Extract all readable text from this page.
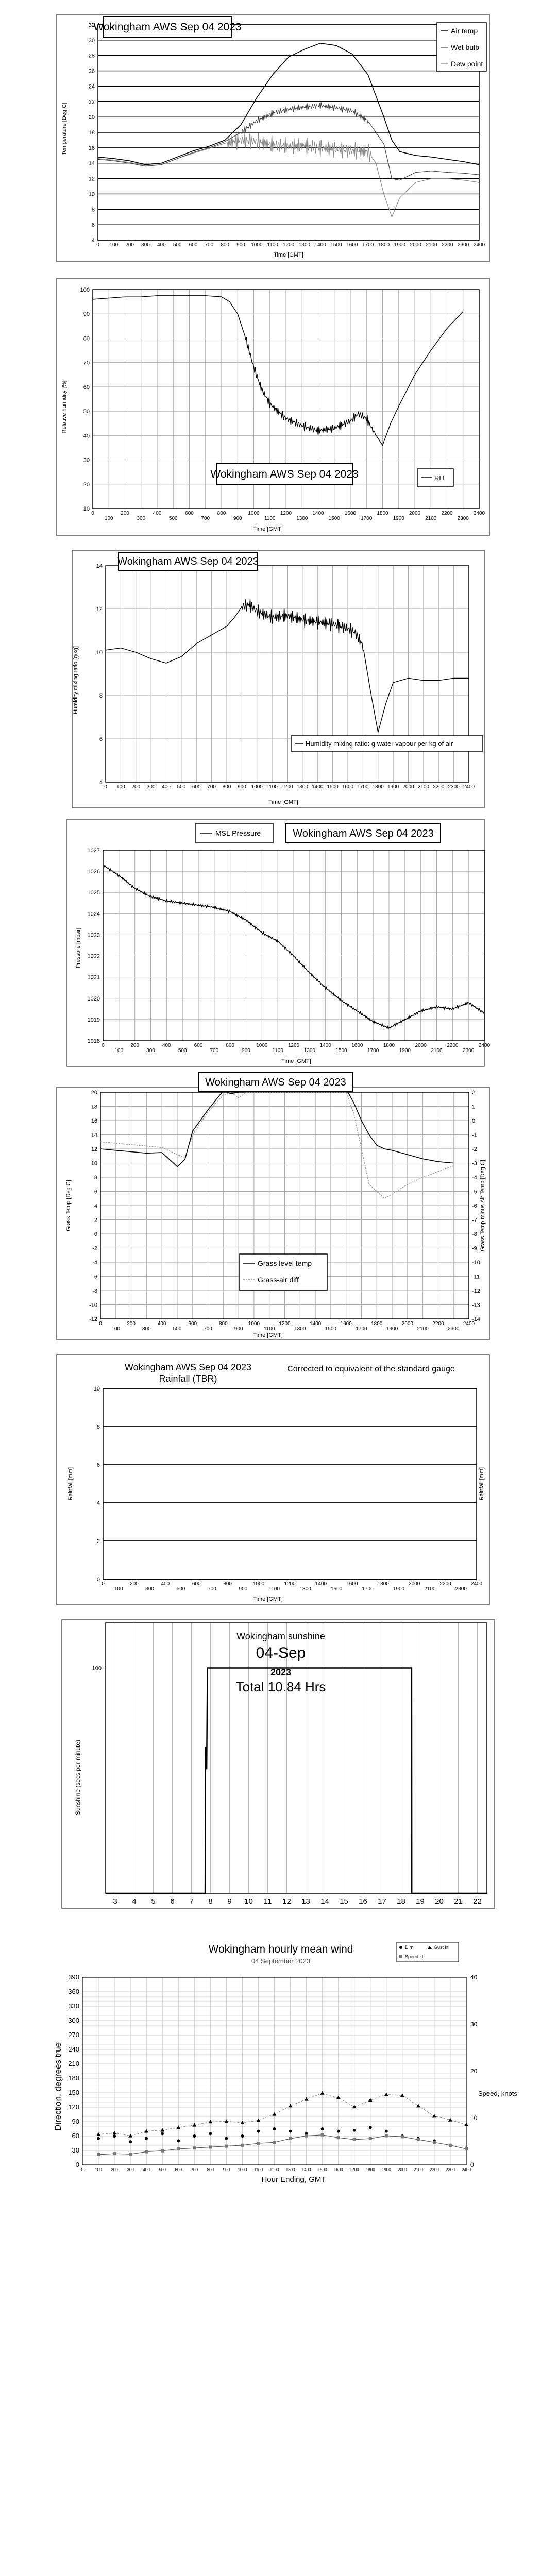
4
6
8
10
12
14
16
18
20
22
24
26
28
30
32
0 100 200 300 400 500 600 700 800 900 1000 1100 1200 1300 1400 1500 1600 1700 1800 1900 2000 2100 2200 2300 2400
Wokingham AWS Sep 04 2023
Time [GMT]
Temperature [Deg C]
Air temp
Wet bulb
Dew point
10
20
30
40
50
60
70
80
90
100
0
100
200
300
400
500
600
700
800
900
1000
1100
1200
1300
1400
1500
1600
1700
1800
1900
2000
2100
2200
2300
2400
Wokingham AWS Sep 04 2023	RH
Time [GMT]
Relative humidity [%]
4
6
8
10
12
14
0 100 200 300 400 500 600 700 800 900 1000 1100 1200 1300 1400 1500 1600 1700 1800 1900 2000 2100 2200 2300 2400
Wokingham AWS Sep 04 2023
Humidity mixing ratio: g water vapour per kg of air
Time [GMT]
Humidity mixing ratio [g/kg]
1018
1019
1020
1021
1022
1023
1024
1025
1026
1027
0
100
200
300
400
500
600
700
800
900
1000
1100
1200
1300
1400
1500
1600
1700
1800
1900
2000
2100
2200
2300
2400
MSL Pressure	Wokingham AWS Sep 04 2023
Time [GMT]
Pressure [mbar]
20
18
16
14
12
10
8
6
4
2
0
-2
-4
-6
-8
-10
-12
2
1
0
-1
-2
-3
-4
-5
-6
-7
-8
-9
-10
-11
-12
-13
-14
0
100
200
300
400
500
600
700
800
900
1000
1100
1200
1300
1400
1500
1600
1700
1800
1900
2000
2100
2200
2300
2400
Wokingham AWS Sep 04 2023
Grass level temp
Grass-air diff
Time [GMT]
Grass Temp [Deg C]	Grass Temp minus Air Temp [Deg C]
0
2
4
6
8
10
0
100
200
300
400
500
600
700
800
900
1000
1100
1200
1300
1400
1500
1600
1700
1800
1900
2000
2100
2200
2300
2400
Wokingham AWS Sep 04 2023
Rainfall (TBR)
Corrected to equivalent of the standard gauge
Time [GMT]
Rainfall [mm]	Rainfall [mm]
3 4 5 6 7 8 9 10 11 12 13 14 15 16 17 18 19 20 21 22
100
Wokingham sunshine
04-Sep
2023
Total 10.84 Hrs
Sunshine (secs per minute)
0
30
60
90
120
150
180
210
240
270
300
330
360
390
0
10
20
30
40
0	100 200 300 400 500 600 700 800 900 1000 1100 1200 1300 1400 1500 1600 1700 1800 1900 2000 2100 2200 2300 2400
Wokingham hourly mean wind
04 September 2023
Hour Ending, GMT
Direction, degrees true	Speed, knots
Dirn	Gust kt
Speed kt
